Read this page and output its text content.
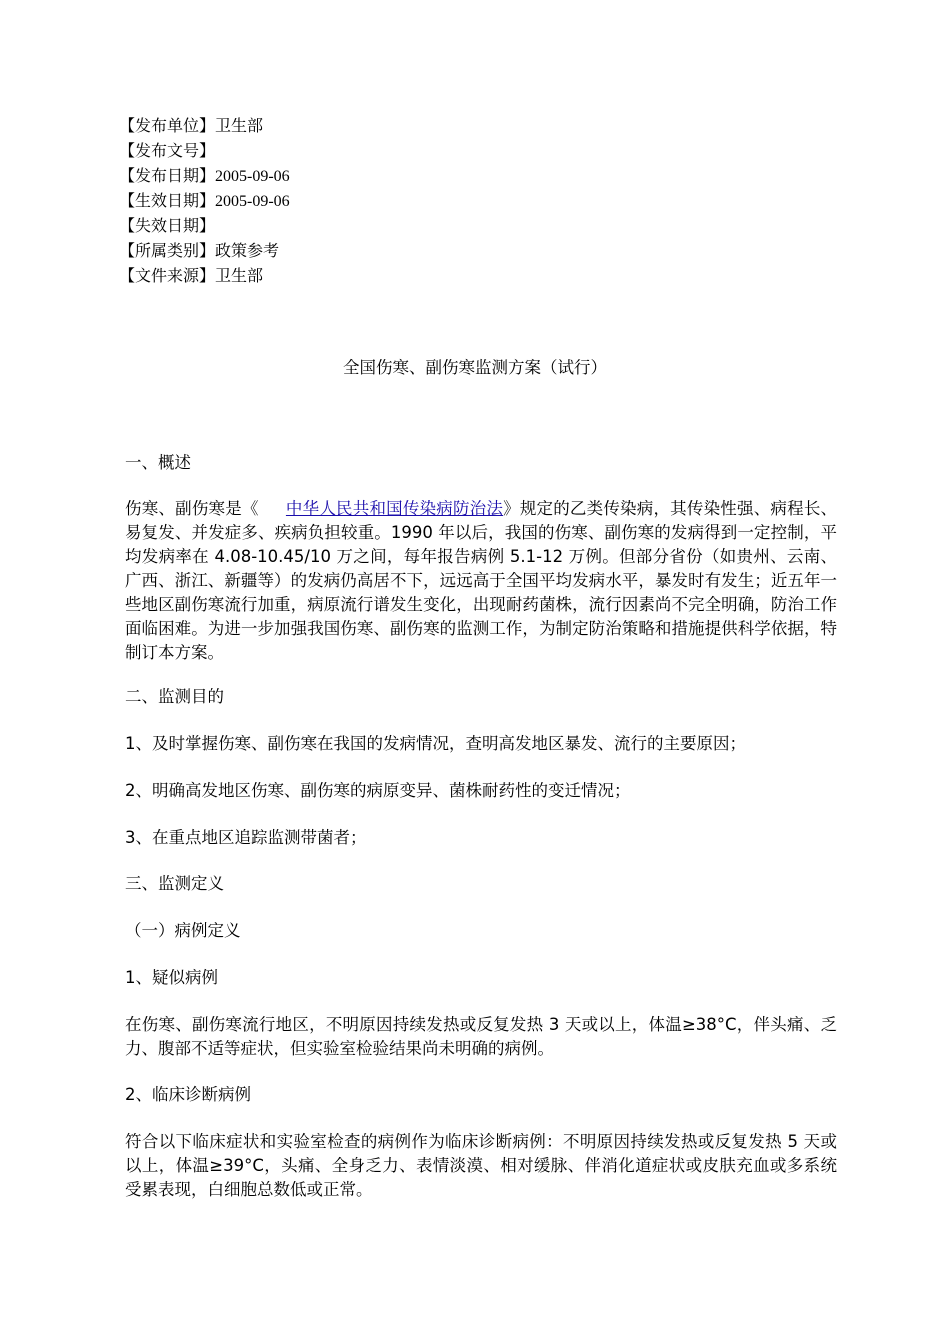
【发布单位】卫生部
【发布文号】
【发布日期】2005-09-06
【生效日期】2005-09-06
【失效日期】
【所属类别】政策参考
【文件来源】卫生部
全国伤寒、副伤寒监测方案（试行）
一、概述
伤寒、副伤寒是《 中华人民共和国传染病防治法》规定的乙类传染病，其传染性强、病程长、易复发、并发症多、疾病负担较重。1990 年以后，我国的伤寒、副伤寒的发病得到一定控制，平均发病率在 4.08-10.45/10 万之间，每年报告病例 5.1-12 万例。但部分省份（如贵州、云南、广西、浙江、新疆等）的发病仍高居不下，远远高于全国平均发病水平，暴发时有发生；近五年一些地区副伤寒流行加重，病原流行谱发生变化，出现耐药菌株，流行因素尚不完全明确，防治工作面临困难。为进一步加强我国伤寒、副伤寒的监测工作，为制定防治策略和措施提供科学依据，特制订本方案。
二、监测目的
1、及时掌握伤寒、副伤寒在我国的发病情况，查明高发地区暴发、流行的主要原因；
2、明确高发地区伤寒、副伤寒的病原变异、菌株耐药性的变迁情况；
3、在重点地区追踪监测带菌者；
三、监测定义
（一）病例定义
1、疑似病例
在伤寒、副伤寒流行地区，不明原因持续发热或反复发热 3 天或以上，体温≥38°C，伴头痛、乏力、腹部不适等症状，但实验室检验结果尚未明确的病例。
2、临床诊断病例
符合以下临床症状和实验室检查的病例作为临床诊断病例：不明原因持续发热或反复发热 5 天或以上，体温≥39°C，头痛、全身乏力、表情淡漠、相对缓脉、伴消化道症状或皮肤充血或多系统受累表现，白细胞总数低或正常。
